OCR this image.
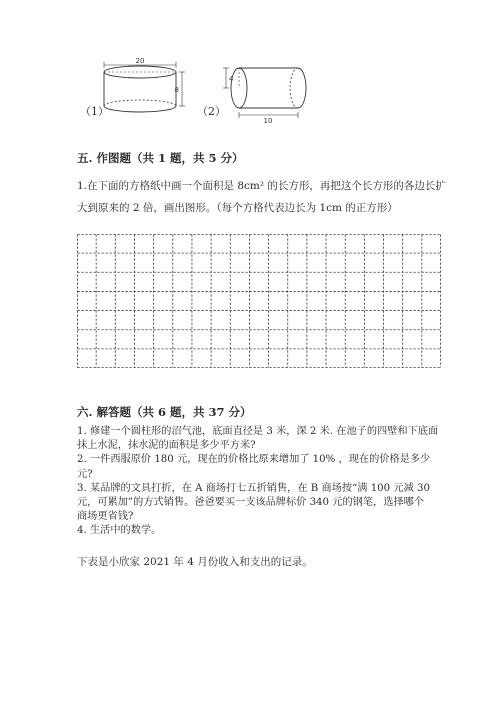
20
8
（1）
4
10
（2）
五. 作图题（共 1 题，共 5 分）
1.在下面的方格纸中画一个面积是 8cm² 的长方形，再把这个长方形的各边长扩
大到原来的 2 倍，画出图形。（每个方格代表边长为 1cm 的正方形）
六. 解答题（共 6 题，共 37 分）
1. 修建一个圆柱形的沼气池，底面直径是 3 米，深 2 米. 在池子的四壁和下底面
抹上水泥，抹水泥的面积是多少平方米?
2. 一件西服原价 180 元，现在的价格比原来增加了 10% ，现在的价格是多少
元?
3. 某品牌的文具打折，在 A 商场打七五折销售，在 B 商场按“满 100 元减 30
元，可累加”的方式销售。爸爸要买一支该品牌标价 340 元的钢笔，选择哪个
商场更省钱?
4. 生活中的数学。
下表是小欣家 2021 年 4 月份收入和支出的记录。
